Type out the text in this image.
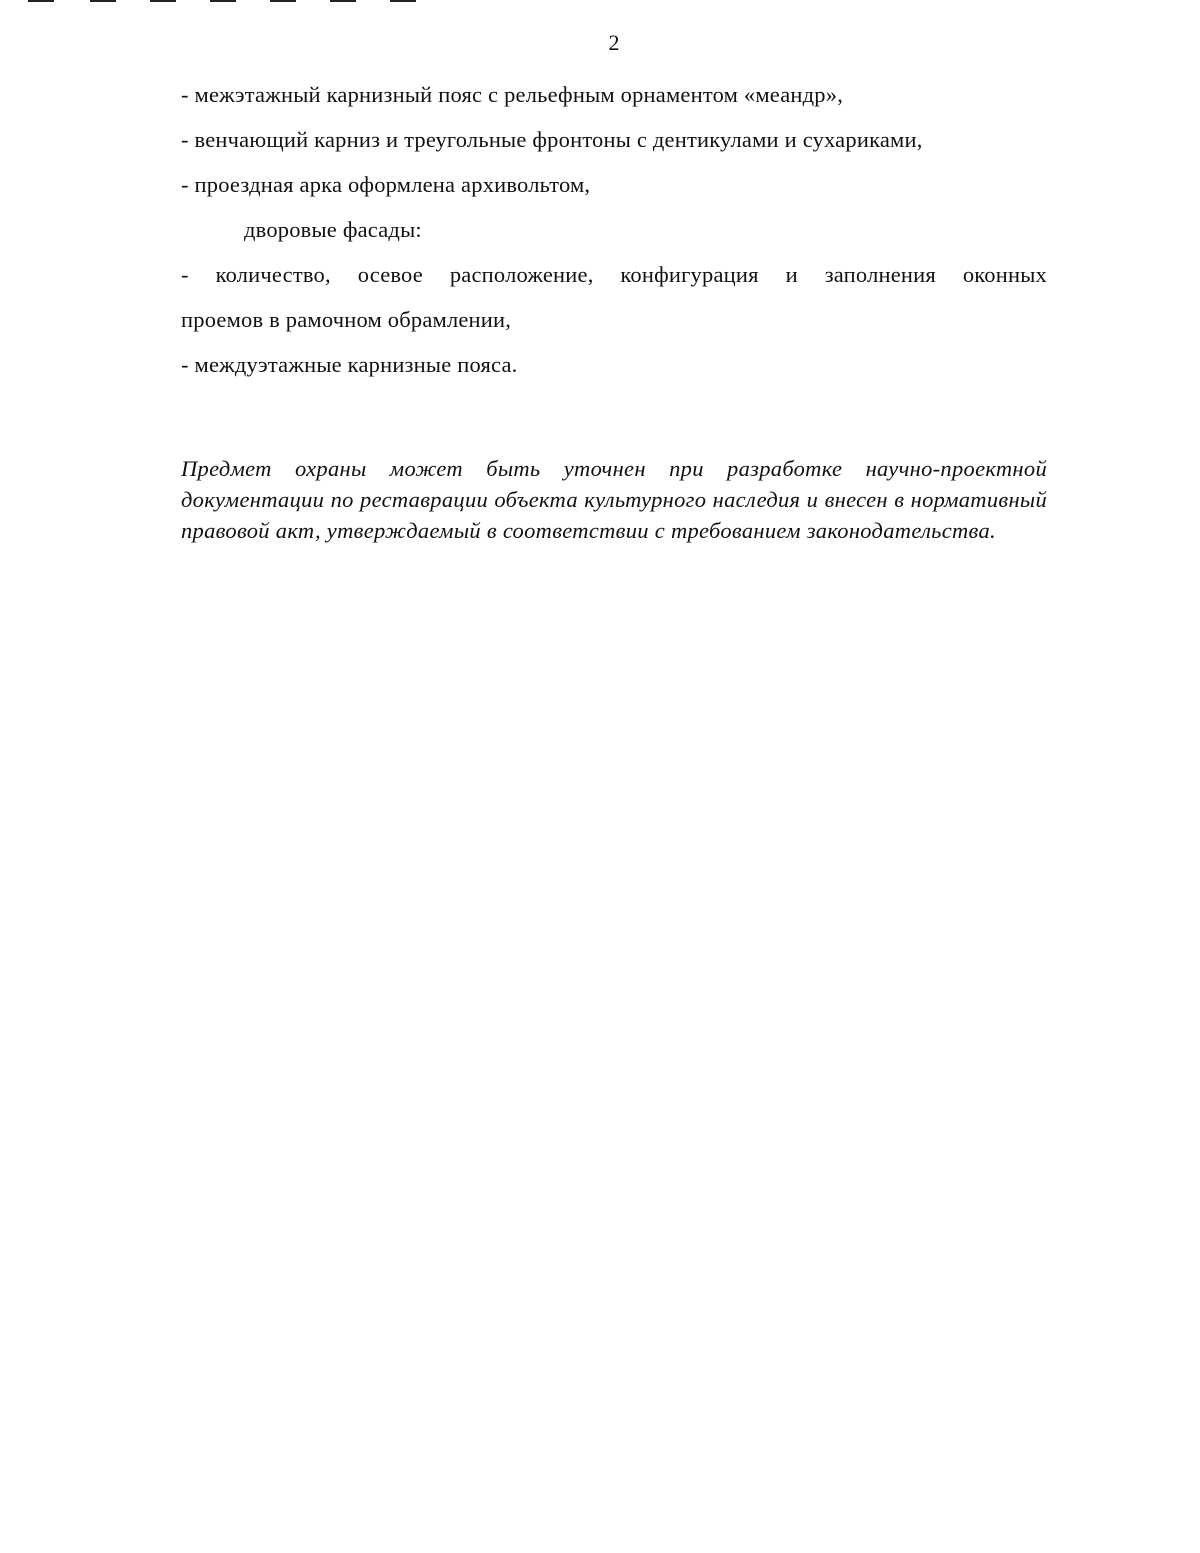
2

- межэтажный карнизный пояс с рельефным орнаментом «меандр»,

- венчающий карниз и треугольные фронтоны с дентикулами и сухариками,

- проездная арка оформлена архивольтом,

дворовые фасады:

- количество, осевое расположение, конфигурация и заполнения оконных

проемов в рамочном обрамлении,

- междуэтажные карнизные пояса.

Предмет охраны может быть уточнен при разработке научно-проектной документации по реставрации объекта культурного наследия и внесен в нормативный правовой акт, утверждаемый в соответствии с требованием законодательства.
